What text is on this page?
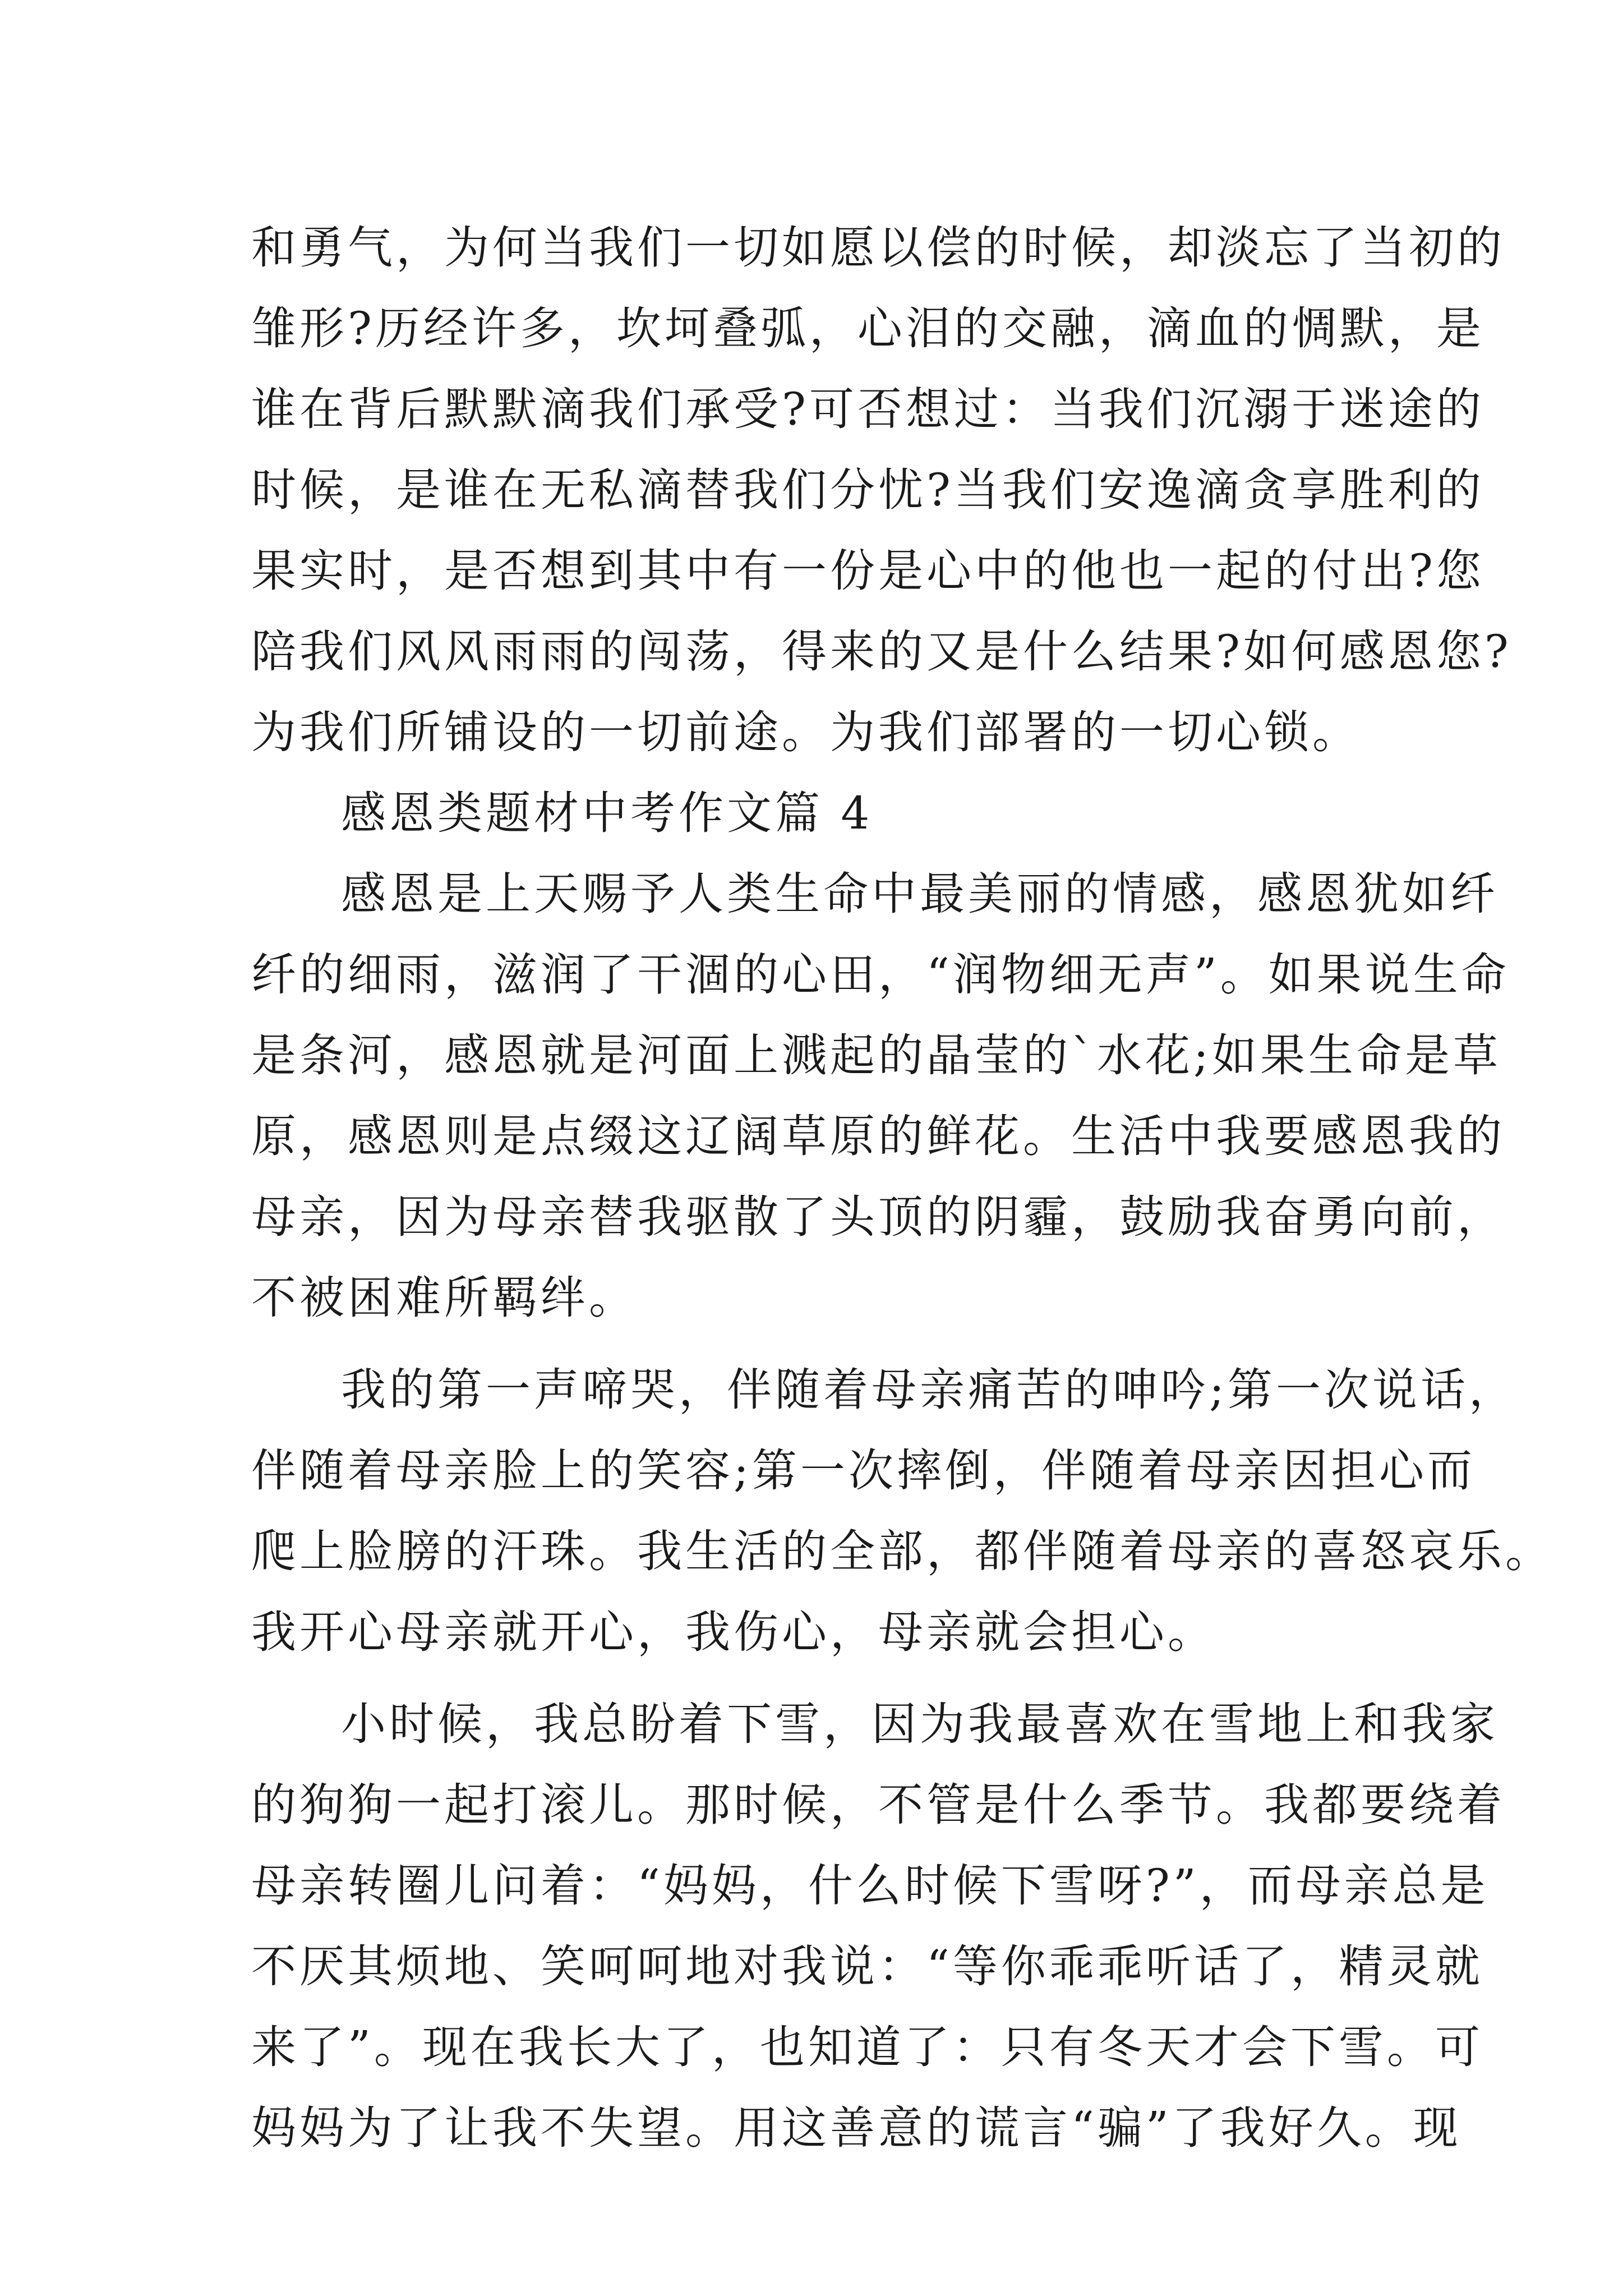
和勇气，为何当我们一切如愿以偿的时候，却淡忘了当初的
雏形?历经许多，坎坷叠弧，心泪的交融，滴血的惆默，是
谁在背后默默滴我们承受?可否想过：当我们沉溺于迷途的
时候，是谁在无私滴替我们分忧?当我们安逸滴贪享胜利的
果实时，是否想到其中有一份是心中的他也一起的付出?您
陪我们风风雨雨的闯荡，得来的又是什么结果?如何感恩您?
为我们所铺设的一切前途。为我们部署的一切心锁。
感恩类题材中考作文篇 4
感恩是上天赐予人类生命中最美丽的情感，感恩犹如纤
纤的细雨，滋润了干涸的心田，“润物细无声”。如果说生命
是条河，感恩就是河面上溅起的晶莹的`水花;如果生命是草
原，感恩则是点缀这辽阔草原的鲜花。生活中我要感恩我的
母亲，因为母亲替我驱散了头顶的阴霾，鼓励我奋勇向前，
不被困难所羁绊。
我的第一声啼哭，伴随着母亲痛苦的呻吟;第一次说话，
伴随着母亲脸上的笑容;第一次摔倒，伴随着母亲因担心而
爬上脸膀的汗珠。我生活的全部，都伴随着母亲的喜怒哀乐。
我开心母亲就开心，我伤心，母亲就会担心。
小时候，我总盼着下雪，因为我最喜欢在雪地上和我家
的狗狗一起打滚儿。那时候，不管是什么季节。我都要绕着
母亲转圈儿问着：“妈妈，什么时候下雪呀?”，而母亲总是
不厌其烦地、笑呵呵地对我说：“等你乖乖听话了，精灵就
来了”。现在我长大了，也知道了：只有冬天才会下雪。可
妈妈为了让我不失望。用这善意的谎言“骗”了我好久。现
